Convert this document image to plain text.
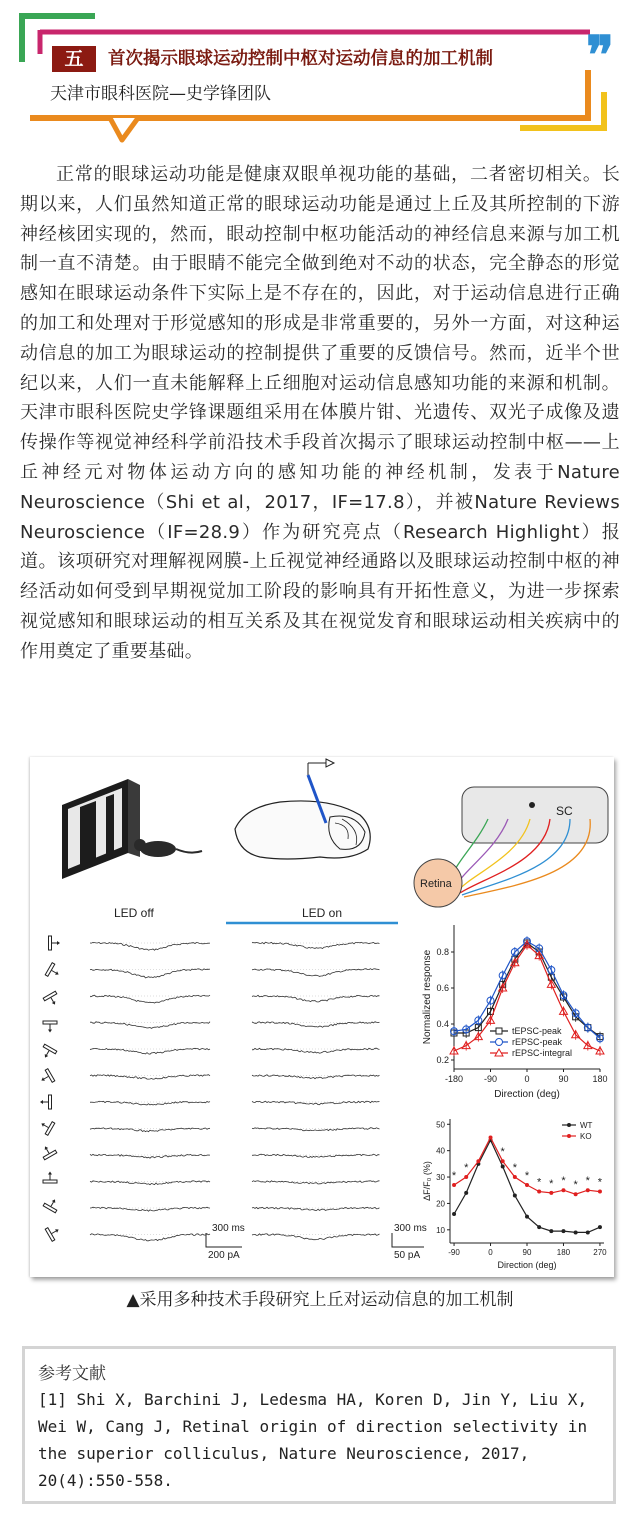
五	首次揭示眼球运动控制中枢对运动信息的加工机制
天津市眼科医院—史学锋团队
❞

正常的眼球运动功能是健康双眼单视功能的基础，二者密切相关。长期以来，人们虽然知道正常的眼球运动功能是通过上丘及其所控制的下游神经核团实现的，然而，眼动控制中枢功能活动的神经信息来源与加工机制一直不清楚。由于眼睛不能完全做到绝对不动的状态，完全静态的形觉感知在眼球运动条件下实际上是不存在的，因此，对于运动信息进行正确的加工和处理对于形觉感知的形成是非常重要的，另外一方面，对这种运动信息的加工为眼球运动的控制提供了重要的反馈信号。然而，近半个世纪以来，人们一直未能解释上丘细胞对运动信息感知功能的来源和机制。天津市眼科医院史学锋课题组采用在体膜片钳、光遗传、双光子成像及遗传操作等视觉神经科学前沿技术手段首次揭示了眼球运动控制中枢——上丘神经元对物体运动方向的感知功能的神经机制，发表于Nature Neuroscience（Shi et al，2017，IF=17.8），并被Nature Reviews Neuroscience（IF=28.9）作为研究亮点（Research Highlight）报道。该项研究对理解视网膜-上丘视觉神经通路以及眼球运动控制中枢的神经活动如何受到早期视觉加工阶段的影响具有开拓性意义，为进一步探索视觉感知和眼球运动的相互关系及其在视觉发育和眼球运动相关疾病中的作用奠定了重要基础。

SC
Retina
LED off	LED on
300 ms
200 pA
300 ms
50 pA
0.2
0.4
0.6
0.8
-180 -90	0	90	180
Direction (deg)
Normalized response	tEPSC-peak
rEPSC-peak
rEPSC-integral
10
20
30
40
50
-90	0	90	180	270
Direction (deg)
ΔF/F₀ (%)
WT
KO
*
*
*
*
*
* * * * * *
▲采用多种技术手段研究上丘对运动信息的加工机制
参考文献
[1] Shi X, Barchini J, Ledesma HA, Koren D, Jin Y, Liu X, Wei W, Cang J, Retinal origin of direction selectivity in the superior colliculus, Nature Neuroscience, 2017, 20(4):550-558.
